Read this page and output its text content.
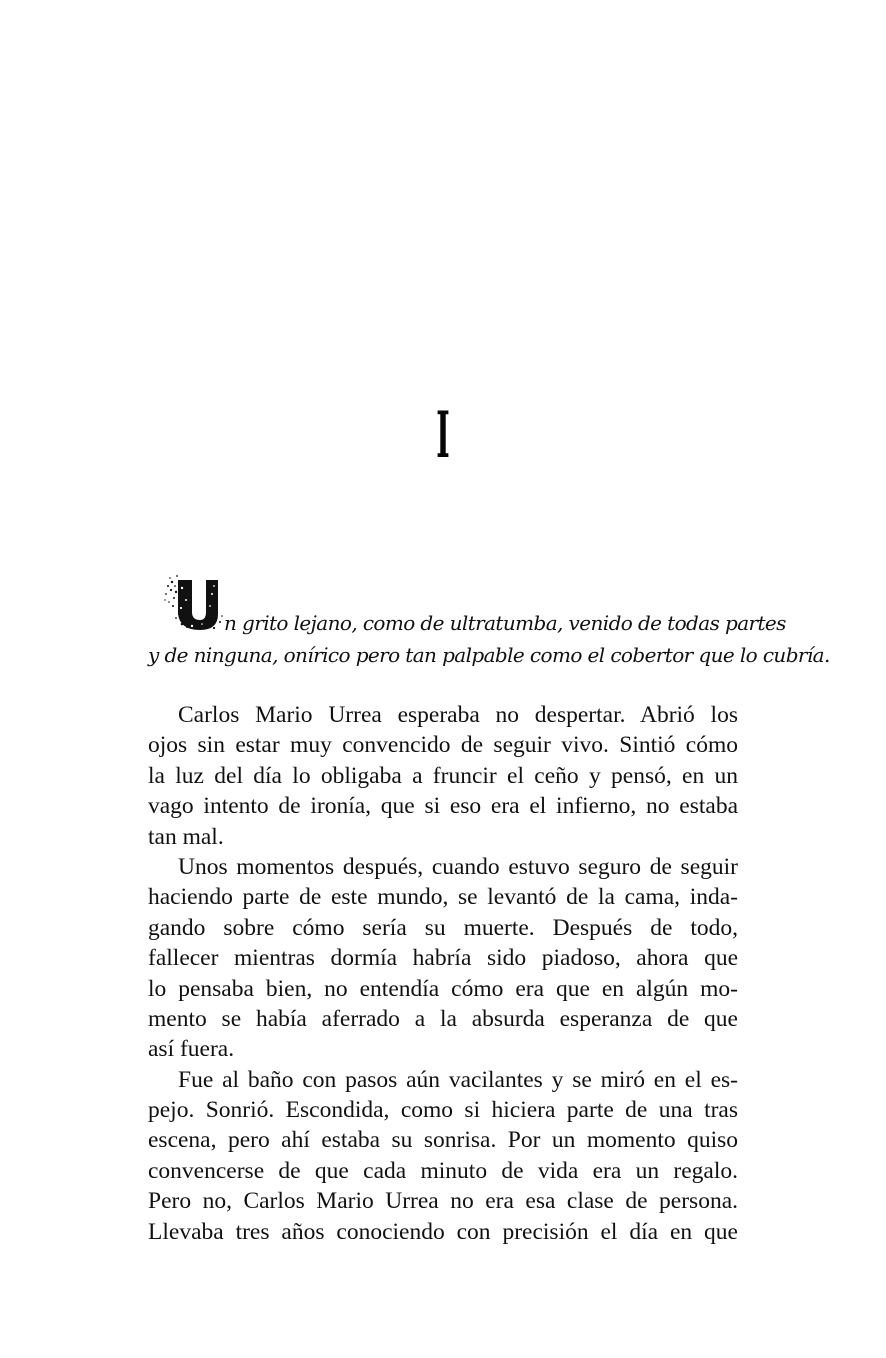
I
n grito lejano, como de ultratumba, venido de todas partes
y de ninguna, onírico pero tan palpable como el cobertor que lo cubría.
Carlos Mario Urrea esperaba no despertar. Abrió los
ojos sin estar muy convencido de seguir vivo. Sintió cómo
la luz del día lo obligaba a fruncir el ceño y pensó, en un
vago intento de ironía, que si eso era el infierno, no estaba
tan mal.
Unos momentos después, cuando estuvo seguro de seguir
haciendo parte de este mundo, se levantó de la cama, inda-
gando sobre cómo sería su muerte. Después de todo,
fallecer mientras dormía habría sido piadoso, ahora que
lo pensaba bien, no entendía cómo era que en algún mo-
mento se había aferrado a la absurda esperanza de que
así fuera.
Fue al baño con pasos aún vacilantes y se miró en el es-
pejo. Sonrió. Escondida, como si hiciera parte de una tras
escena, pero ahí estaba su sonrisa. Por un momento quiso
convencerse de que cada minuto de vida era un regalo.
Pero no, Carlos Mario Urrea no era esa clase de persona.
Llevaba tres años conociendo con precisión el día en que
